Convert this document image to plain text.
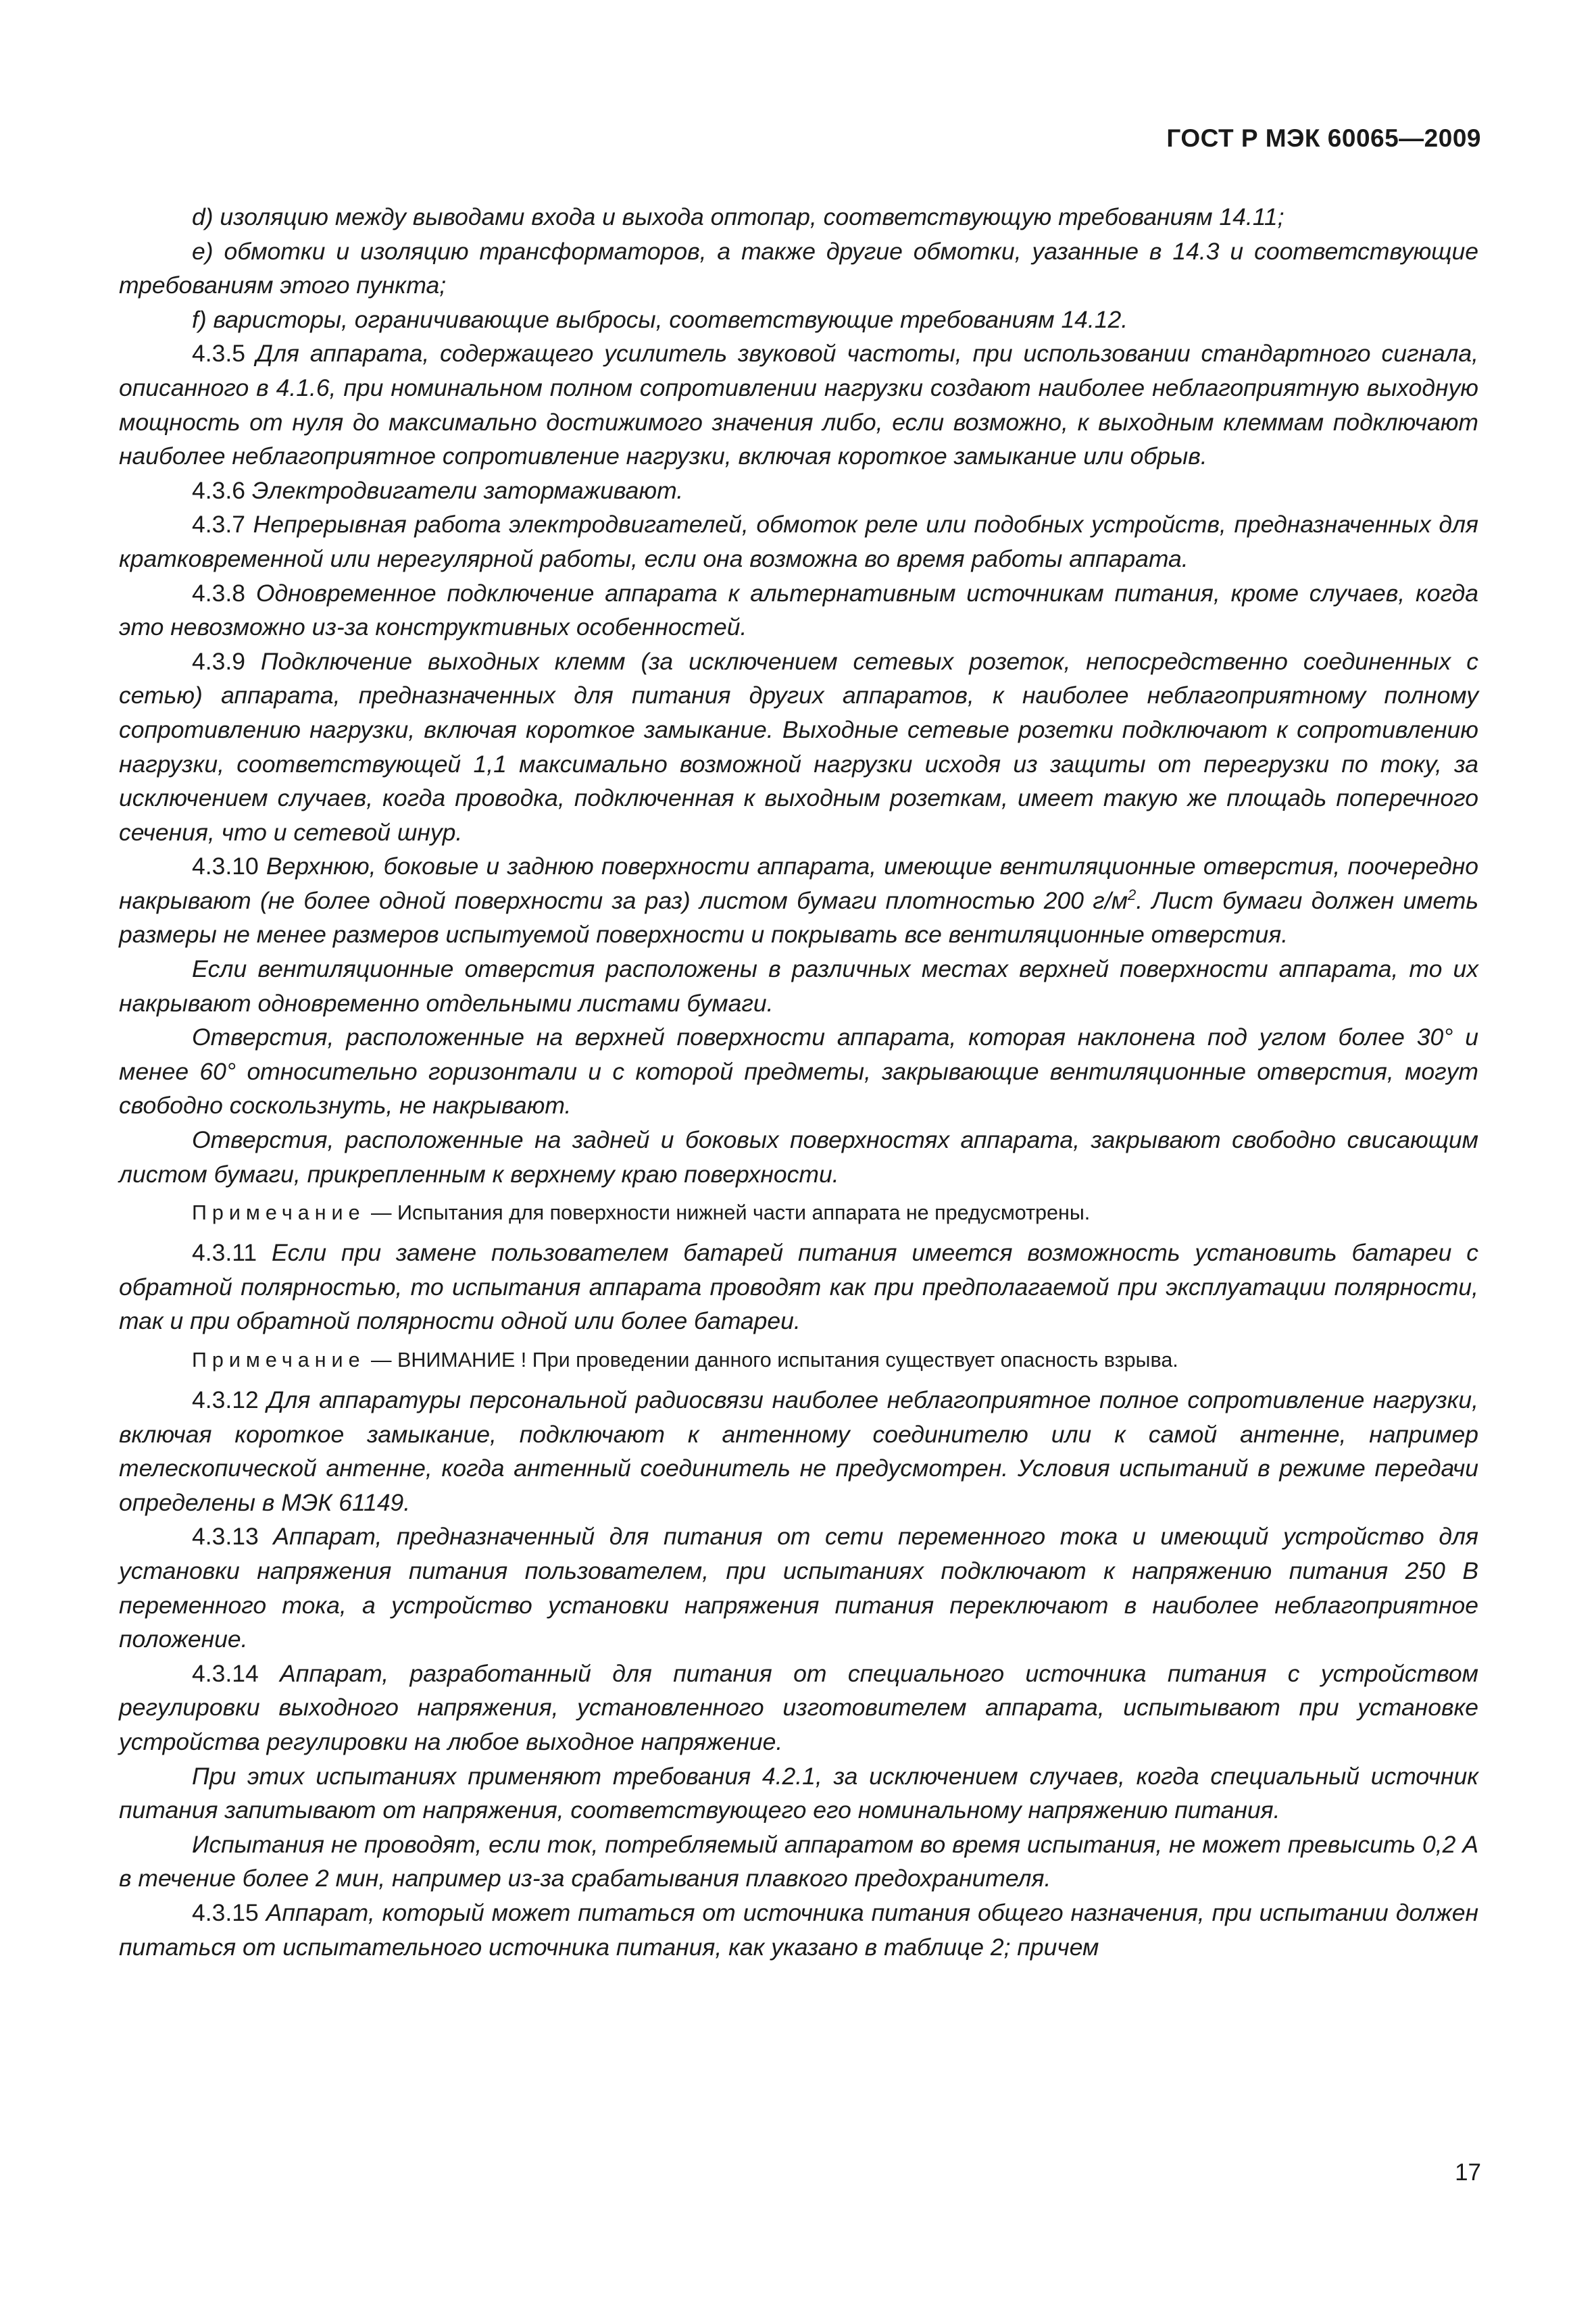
ГОСТ Р МЭК 60065—2009

d) изоляцию между выводами входа и выхода оптопар, соответствующую требованиям 14.11;

e) обмотки и изоляцию трансформаторов, а также другие обмотки, уазанные в 14.3 и соответствующие требованиям этого пункта;

f) варисторы, ограничивающие выбросы, соответствующие требованиям 14.12.

4.3.5 Для аппарата, содержащего усилитель звуковой частоты, при использовании стандартного сигнала, описанного в 4.1.6, при номинальном полном сопротивлении нагрузки создают наиболее неблагоприятную выходную мощность от нуля до максимально достижимого значения либо, если возможно, к выходным клеммам подключают наиболее неблагоприятное сопротивление нагрузки, включая короткое замыкание или обрыв.

4.3.6 Электродвигатели затормаживают.

4.3.7 Непрерывная работа электродвигателей, обмоток реле или подобных устройств, предназначенных для кратковременной или нерегулярной работы, если она возможна во время работы аппарата.

4.3.8 Одновременное подключение аппарата к альтернативным источникам питания, кроме случаев, когда это невозможно из-за конструктивных особенностей.

4.3.9 Подключение выходных клемм (за исключением сетевых розеток, непосредственно соединенных с сетью) аппарата, предназначенных для питания других аппаратов, к наиболее неблагоприятному полному сопротивлению нагрузки, включая короткое замыкание. Выходные сетевые розетки подключают к сопротивлению нагрузки, соответствующей 1,1 максимально возможной нагрузки исходя из защиты от перегрузки по току, за исключением случаев, когда проводка, подключенная к выходным розеткам, имеет такую же площадь поперечного сечения, что и сетевой шнур.

4.3.10 Верхнюю, боковые и заднюю поверхности аппарата, имеющие вентиляционные отверстия, поочередно накрывают (не более одной поверхности за раз) листом бумаги плотностью 200 $г/м^2$. Лист бумаги должен иметь размеры не менее размеров испытуемой поверхности и покрывать все вентиляционные отверстия.

Если вентиляционные отверстия расположены в различных местах верхней поверхности аппарата, то их накрывают одновременно отдельными листами бумаги.

Отверстия, расположенные на верхней поверхности аппарата, которая наклонена под углом более 30° и менее 60° относительно горизонтали и с которой предметы, закрывающие вентиляционные отверстия, могут свободно соскользнуть, не накрывают.

Отверстия, расположенные на задней и боковых поверхностях аппарата, закрывают свободно свисающим листом бумаги, прикрепленным к верхнему краю поверхности.

Примечание — Испытания для поверхности нижней части аппарата не предусмотрены.

4.3.11 Если при замене пользователем батарей питания имеется возможность установить батареи с обратной полярностью, то испытания аппарата проводят как при предполагаемой при эксплуатации полярности, так и при обратной полярности одной или более батареи.

Примечание — ВНИМАНИЕ ! При проведении данного испытания существует опасность взрыва.

4.3.12 Для аппаратуры персональной радиосвязи наиболее неблагоприятное полное сопротивление нагрузки, включая короткое замыкание, подключают к антенному соединителю или к самой антенне, например телескопической антенне, когда антенный соединитель не предусмотрен. Условия испытаний в режиме передачи определены в МЭК 61149.

4.3.13 Аппарат, предназначенный для питания от сети переменного тока и имеющий устройство для установки напряжения питания пользователем, при испытаниях подключают к напряжению питания 250 В переменного тока, а устройство установки напряжения питания переключают в наиболее неблагоприятное положение.

4.3.14 Аппарат, разработанный для питания от специального источника питания с устройством регулировки выходного напряжения, установленного изготовителем аппарата, испытывают при установке устройства регулировки на любое выходное напряжение.

При этих испытаниях применяют требования 4.2.1, за исключением случаев, когда специальный источник питания запитывают от напряжения, соответствующего его номинальному напряжению питания.

Испытания не проводят, если ток, потребляемый аппаратом во время испытания, не может превысить 0,2 А в течение более 2 мин, например из-за срабатывания плавкого предохранителя.

4.3.15 Аппарат, который может питаться от источника питания общего назначения, при испытании должен питаться от испытательного источника питания, как указано в таблице 2; причем

17
